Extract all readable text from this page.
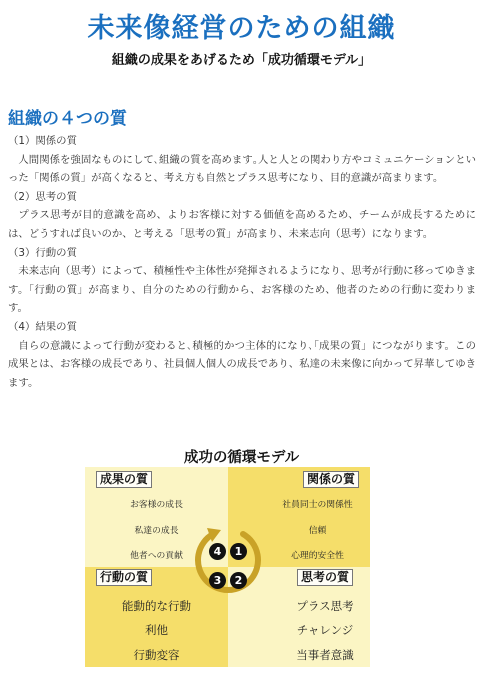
未来像経営のための組織
組織の成果をあげるため「成功循環モデル」
組織の４つの質

（1）関係の質

人間関係を強固なものにして､組織の質を高めます｡人と人との関わり方やコミュニケーションといった「関係の質」が高くなると、考え方も自然とプラス思考になり、目的意識が高まります。

（2）思考の質

プラス思考が目的意識を高め、よりお客様に対する価値を高めるため、チームが成長するためには、どうすれば良いのか、と考える「思考の質」が高まり、未来志向（思考）になります。

（3）行動の質

未来志向（思考）によって、積極性や主体性が発揮されるようになり、思考が行動に移ってゆきます。｢行動の質」が高まり、自分のための行動から、お客様のため、他者のための行動に変わります。

（4）結果の質

自らの意識によって行動が変わると､積極的かつ主体的になり､｢成果の質」につながります。この成果とは、お客様の成長であり、社員個人個人の成長であり、私達の未来像に向かって昇華してゆきます。

成功の循環モデル
成果の質
お客様の成長
私達の成長
他者への貢献
関係の質
社員同士の関係性
信頼
心理的安全性
行動の質
能動的な行動
利他
行動変容
思考の質
プラス思考
チャレンジ
当事者意識
4	1
3	2
